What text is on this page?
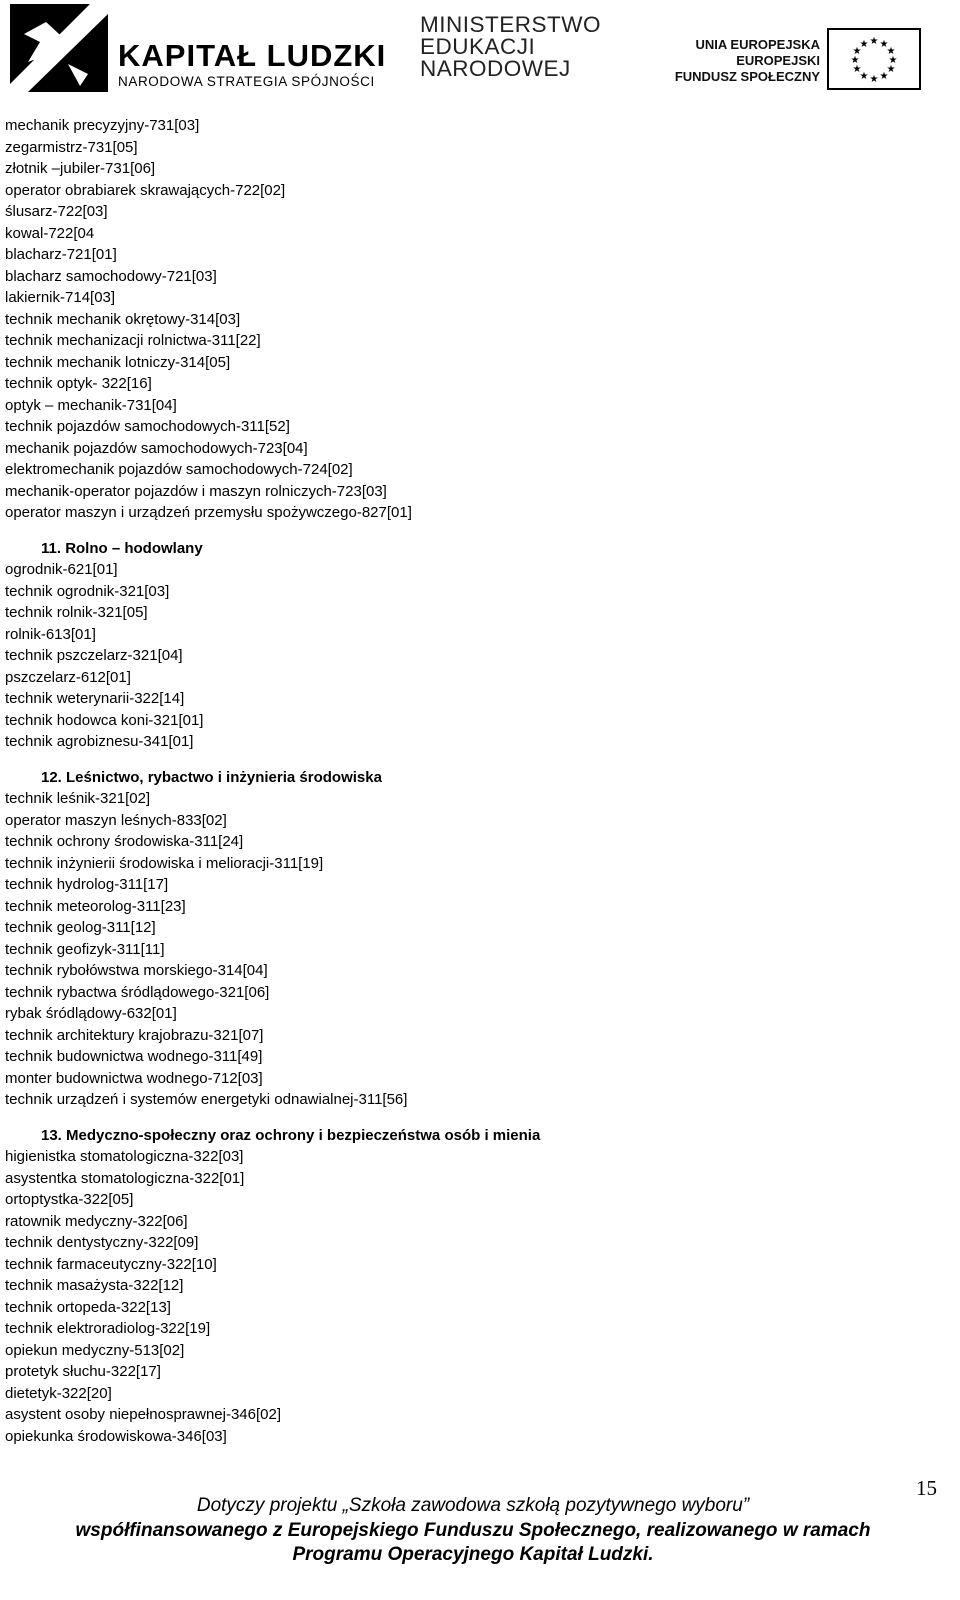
KAPITAŁ LUDZKI
NARODOWA STRATEGIA SPÓJNOŚCI
MINISTERSTWO
EDUKACJI
NARODOWEJ
UNIA EUROPEJSKA
EUROPEJSKI
FUNDUSZ SPOŁECZNY
★ ★
★
★
★
★
★
★
★
★
★
★
mechanik precyzyjny-731[03]
zegarmistrz-731[05]
złotnik –jubiler-731[06]
operator obrabiarek skrawających-722[02]
ślusarz-722[03]
kowal-722[04
blacharz-721[01]
blacharz samochodowy-721[03]
lakiernik-714[03]
technik mechanik okrętowy-314[03]
technik mechanizacji rolnictwa-311[22]
technik mechanik lotniczy-314[05]
technik optyk- 322[16]
optyk – mechanik-731[04]
technik pojazdów samochodowych-311[52]
mechanik pojazdów samochodowych-723[04]
elektromechanik pojazdów samochodowych-724[02]
mechanik-operator pojazdów i maszyn rolniczych-723[03]
operator maszyn i urządzeń przemysłu spożywczego-827[01]
11. Rolno – hodowlany
ogrodnik-621[01]
technik ogrodnik-321[03]
technik rolnik-321[05]
rolnik-613[01]
technik pszczelarz-321[04]
pszczelarz-612[01]
technik weterynarii-322[14]
technik hodowca koni-321[01]
technik agrobiznesu-341[01]
12. Leśnictwo, rybactwo i inżynieria środowiska
technik leśnik-321[02]
operator maszyn leśnych-833[02]
technik ochrony środowiska-311[24]
technik inżynierii środowiska i melioracji-311[19]
technik hydrolog-311[17]
technik meteorolog-311[23]
technik geolog-311[12]
technik geofizyk-311[11]
technik rybołówstwa morskiego-314[04]
technik rybactwa śródlądowego-321[06]
rybak śródlądowy-632[01]
technik architektury krajobrazu-321[07]
technik budownictwa wodnego-311[49]
monter budownictwa wodnego-712[03]
technik urządzeń i systemów energetyki odnawialnej-311[56]
13. Medyczno-społeczny oraz ochrony i bezpieczeństwa osób i mienia
higienistka stomatologiczna-322[03]
asystentka stomatologiczna-322[01]
ortoptystka-322[05]
ratownik medyczny-322[06]
technik dentystyczny-322[09]
technik farmaceutyczny-322[10]
technik masażysta-322[12]
technik ortopeda-322[13]
technik elektroradiolog-322[19]
opiekun medyczny-513[02]
protetyk słuchu-322[17]
dietetyk-322[20]
asystent osoby niepełnosprawnej-346[02]
opiekunka środowiskowa-346[03]
15
Dotyczy projektu „Szkoła zawodowa szkołą pozytywnego wyboru”
współfinansowanego z Europejskiego Funduszu Społecznego, realizowanego w ramach
Programu Operacyjnego Kapitał Ludzki.
